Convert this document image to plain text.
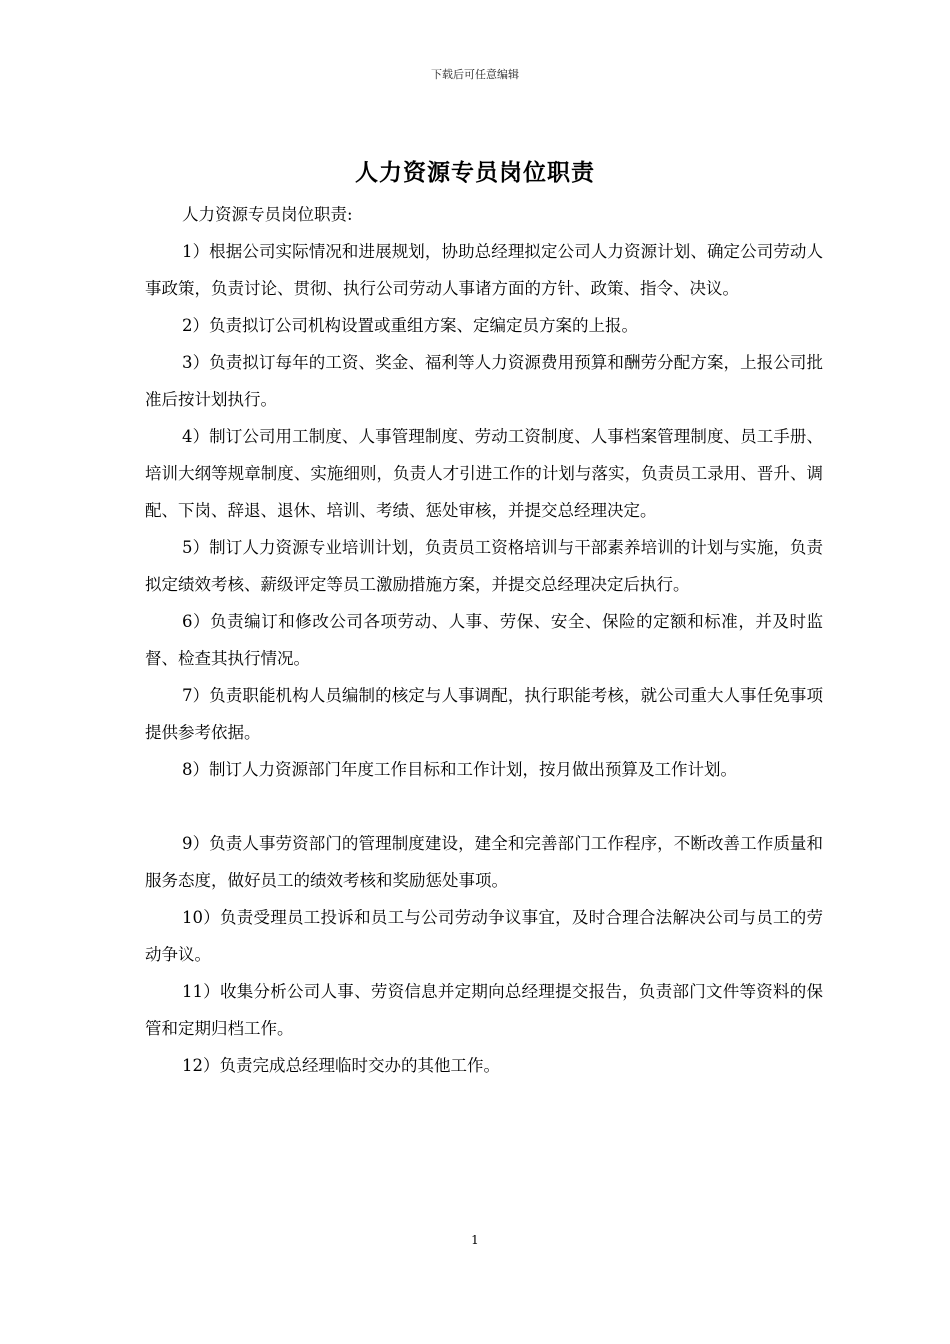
下载后可任意编辑
人力资源专员岗位职责

人力资源专员岗位职责:

1）根据公司实际情况和进展规划，协助总经理拟定公司人力资源计划、确定公司劳动人事政策，负责讨论、贯彻、执行公司劳动人事诸方面的方针、政策、指令、决议。

2）负责拟订公司机构设置或重组方案、定编定员方案的上报。

3）负责拟订每年的工资、奖金、福利等人力资源费用预算和酬劳分配方案，上报公司批准后按计划执行。

4）制订公司用工制度、人事管理制度、劳动工资制度、人事档案管理制度、员工手册、培训大纲等规章制度、实施细则，负责人才引进工作的计划与落实，负责员工录用、晋升、调配、下岗、辞退、退休、培训、考绩、惩处审核，并提交总经理决定。

5）制订人力资源专业培训计划，负责员工资格培训与干部素养培训的计划与实施，负责拟定绩效考核、薪级评定等员工激励措施方案，并提交总经理决定后执行。

6）负责编订和修改公司各项劳动、人事、劳保、安全、保险的定额和标准，并及时监督、检查其执行情况。

7）负责职能机构人员编制的核定与人事调配，执行职能考核，就公司重大人事任免事项提供参考依据。

8）制订人力资源部门年度工作目标和工作计划，按月做出预算及工作计划。

9）负责人事劳资部门的管理制度建设，建全和完善部门工作程序，不断改善工作质量和服务态度，做好员工的绩效考核和奖励惩处事项。

10）负责受理员工投诉和员工与公司劳动争议事宜，及时合理合法解决公司与员工的劳动争议。

11）收集分析公司人事、劳资信息并定期向总经理提交报告，负责部门文件等资料的保管和定期归档工作。

12）负责完成总经理临时交办的其他工作。

1
